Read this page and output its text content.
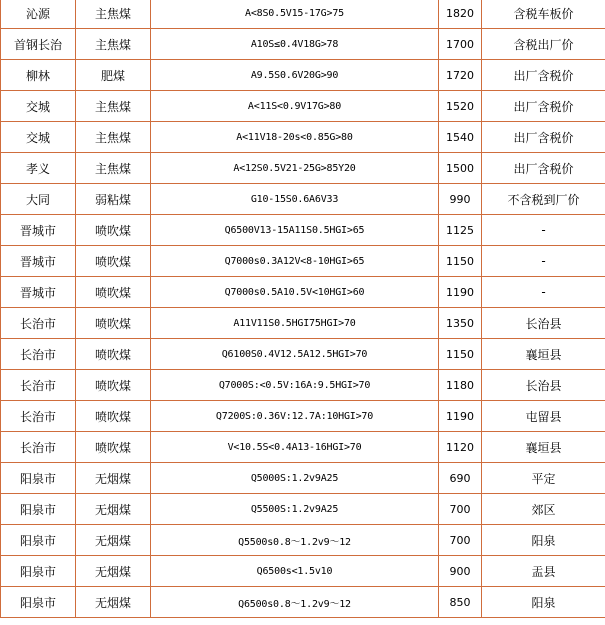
沁源	主焦煤	A<8S0.5V15-17G>75	1820	含税车板价
首钢长治	主焦煤	A10S≤0.4V18G>78	1700	含税出厂价
柳林	肥煤	A9.5S0.6V20G>90	1720	出厂含税价
交城	主焦煤	A<11S<0.9V17G>80	1520	出厂含税价
交城	主焦煤	A<11V18-20s<0.85G>80	1540	出厂含税价
孝义	主焦煤	A<12S0.5V21-25G>85Y20	1500	出厂含税价
大同	弱粘煤	G10-15S0.6A6V33	990	不含税到厂价
晋城市	喷吹煤	Q6500V13-15A11S0.5HGI>65	1125	-
晋城市	喷吹煤	Q7000s0.3A12V<8-10HGI>65	1150	-
晋城市	喷吹煤	Q7000s0.5A10.5V<10HGI>60	1190	-
长治市	喷吹煤	A11V11S0.5HGI75HGI>70	1350	长治县
长治市	喷吹煤	Q6100S0.4V12.5A12.5HGI>70	1150	襄垣县
长治市	喷吹煤	Q7000S:<0.5V:16A:9.5HGI>70	1180	长治县
长治市	喷吹煤	Q7200S:0.36V:12.7A:10HGI>70	1190	屯留县
长治市	喷吹煤	V<10.5S<0.4A13-16HGI>70	1120	襄垣县
阳泉市	无烟煤	Q5000S:1.2v9A25	690	平定
阳泉市	无烟煤	Q5500S:1.2v9A25	700	郊区
阳泉市	无烟煤	Q5500s0.8～1.2v9～12	700	阳泉
阳泉市	无烟煤	Q6500s<1.5v10	900	盂县
阳泉市	无烟煤	Q6500s0.8～1.2v9～12	850	阳泉
